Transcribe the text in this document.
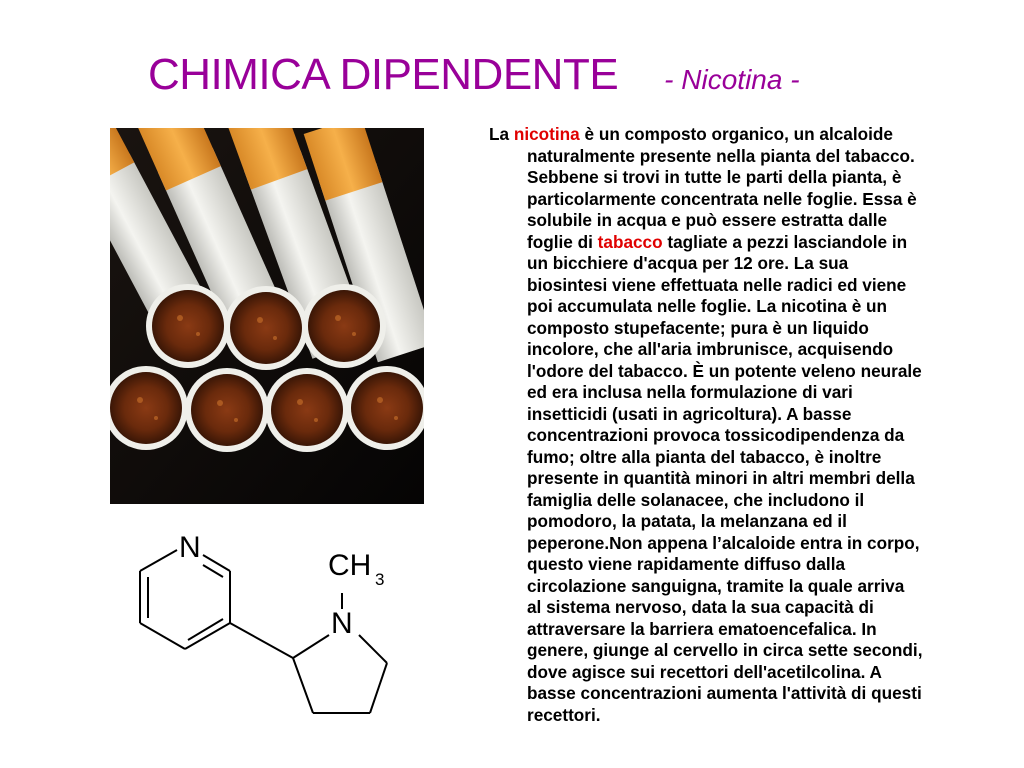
CHIMICA DIPENDENTE - Nicotina -
N
N
CH 3
La nicotina è un composto organico, un alcaloide
naturalmente presente nella pianta del tabacco.
Sebbene si trovi in tutte le parti della pianta, è
particolarmente concentrata nelle foglie. Essa è
solubile in acqua e può essere estratta dalle
foglie di tabacco tagliate a pezzi lasciandole in
un bicchiere d'acqua per 12 ore. La sua
biosintesi viene effettuata nelle radici ed viene
poi accumulata nelle foglie. La nicotina è un
composto stupefacente; pura è un liquido
incolore, che all'aria imbrunisce, acquisendo
l'odore del tabacco. È un potente veleno neurale
ed era inclusa nella formulazione di vari
insetticidi (usati in agricoltura). A basse
concentrazioni provoca tossicodipendenza da
fumo; oltre alla pianta del tabacco, è inoltre
presente in quantità minori in altri membri della
famiglia delle solanacee, che includono il
pomodoro, la patata, la melanzana ed il
peperone.Non appena l’alcaloide entra in corpo,
questo viene rapidamente diffuso dalla
circolazione sanguigna, tramite la quale arriva
al sistema nervoso, data la sua capacità di
attraversare la barriera ematoencefalica. In
genere, giunge al cervello in circa sette secondi,
dove agisce sui recettori dell'acetilcolina. A
basse concentrazioni aumenta l'attività di questi
recettori.
